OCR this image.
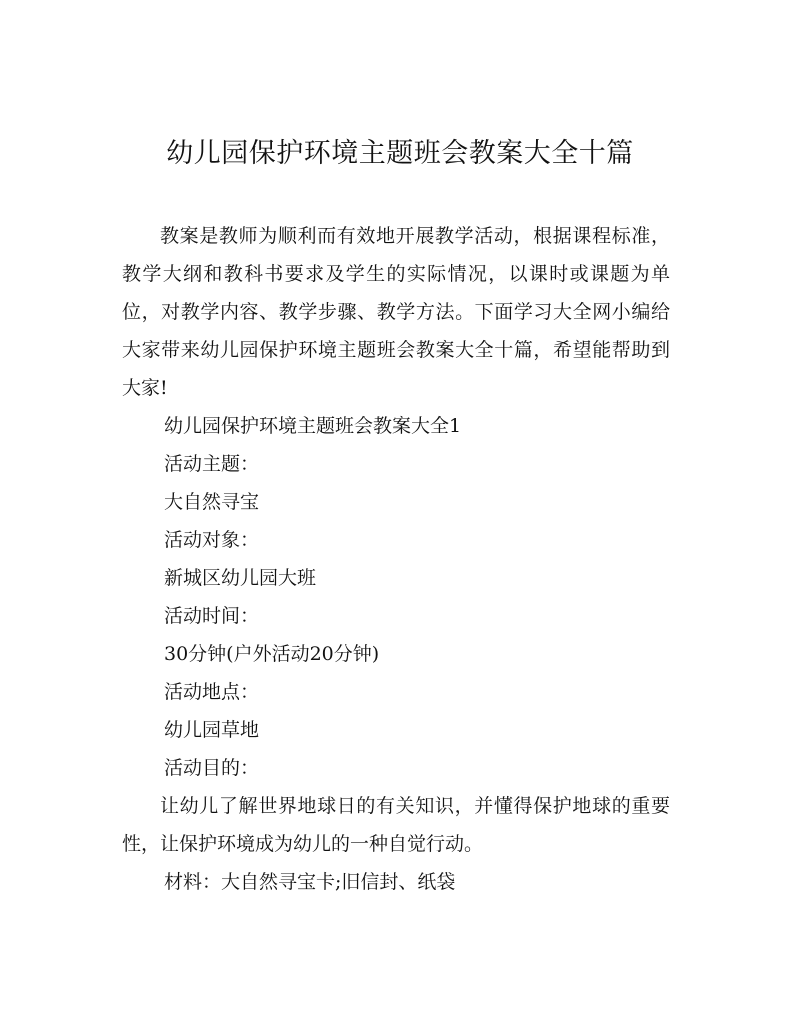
幼儿园保护环境主题班会教案大全十篇

教案是教师为顺利而有效地开展教学活动，根据课程标准，教学大纲和教科书要求及学生的实际情况，以课时或课题为单位，对教学内容、教学步骤、教学方法。下面学习大全网小编给大家带来幼儿园保护环境主题班会教案大全十篇，希望能帮助到大家!

幼儿园保护环境主题班会教案大全1

活动主题：

大自然寻宝

活动对象：

新城区幼儿园大班

活动时间：

30分钟(户外活动20分钟)

活动地点：

幼儿园草地

活动目的：

让幼儿了解世界地球日的有关知识，并懂得保护地球的重要性，让保护环境成为幼儿的一种自觉行动。

材料：大自然寻宝卡;旧信封、纸袋
